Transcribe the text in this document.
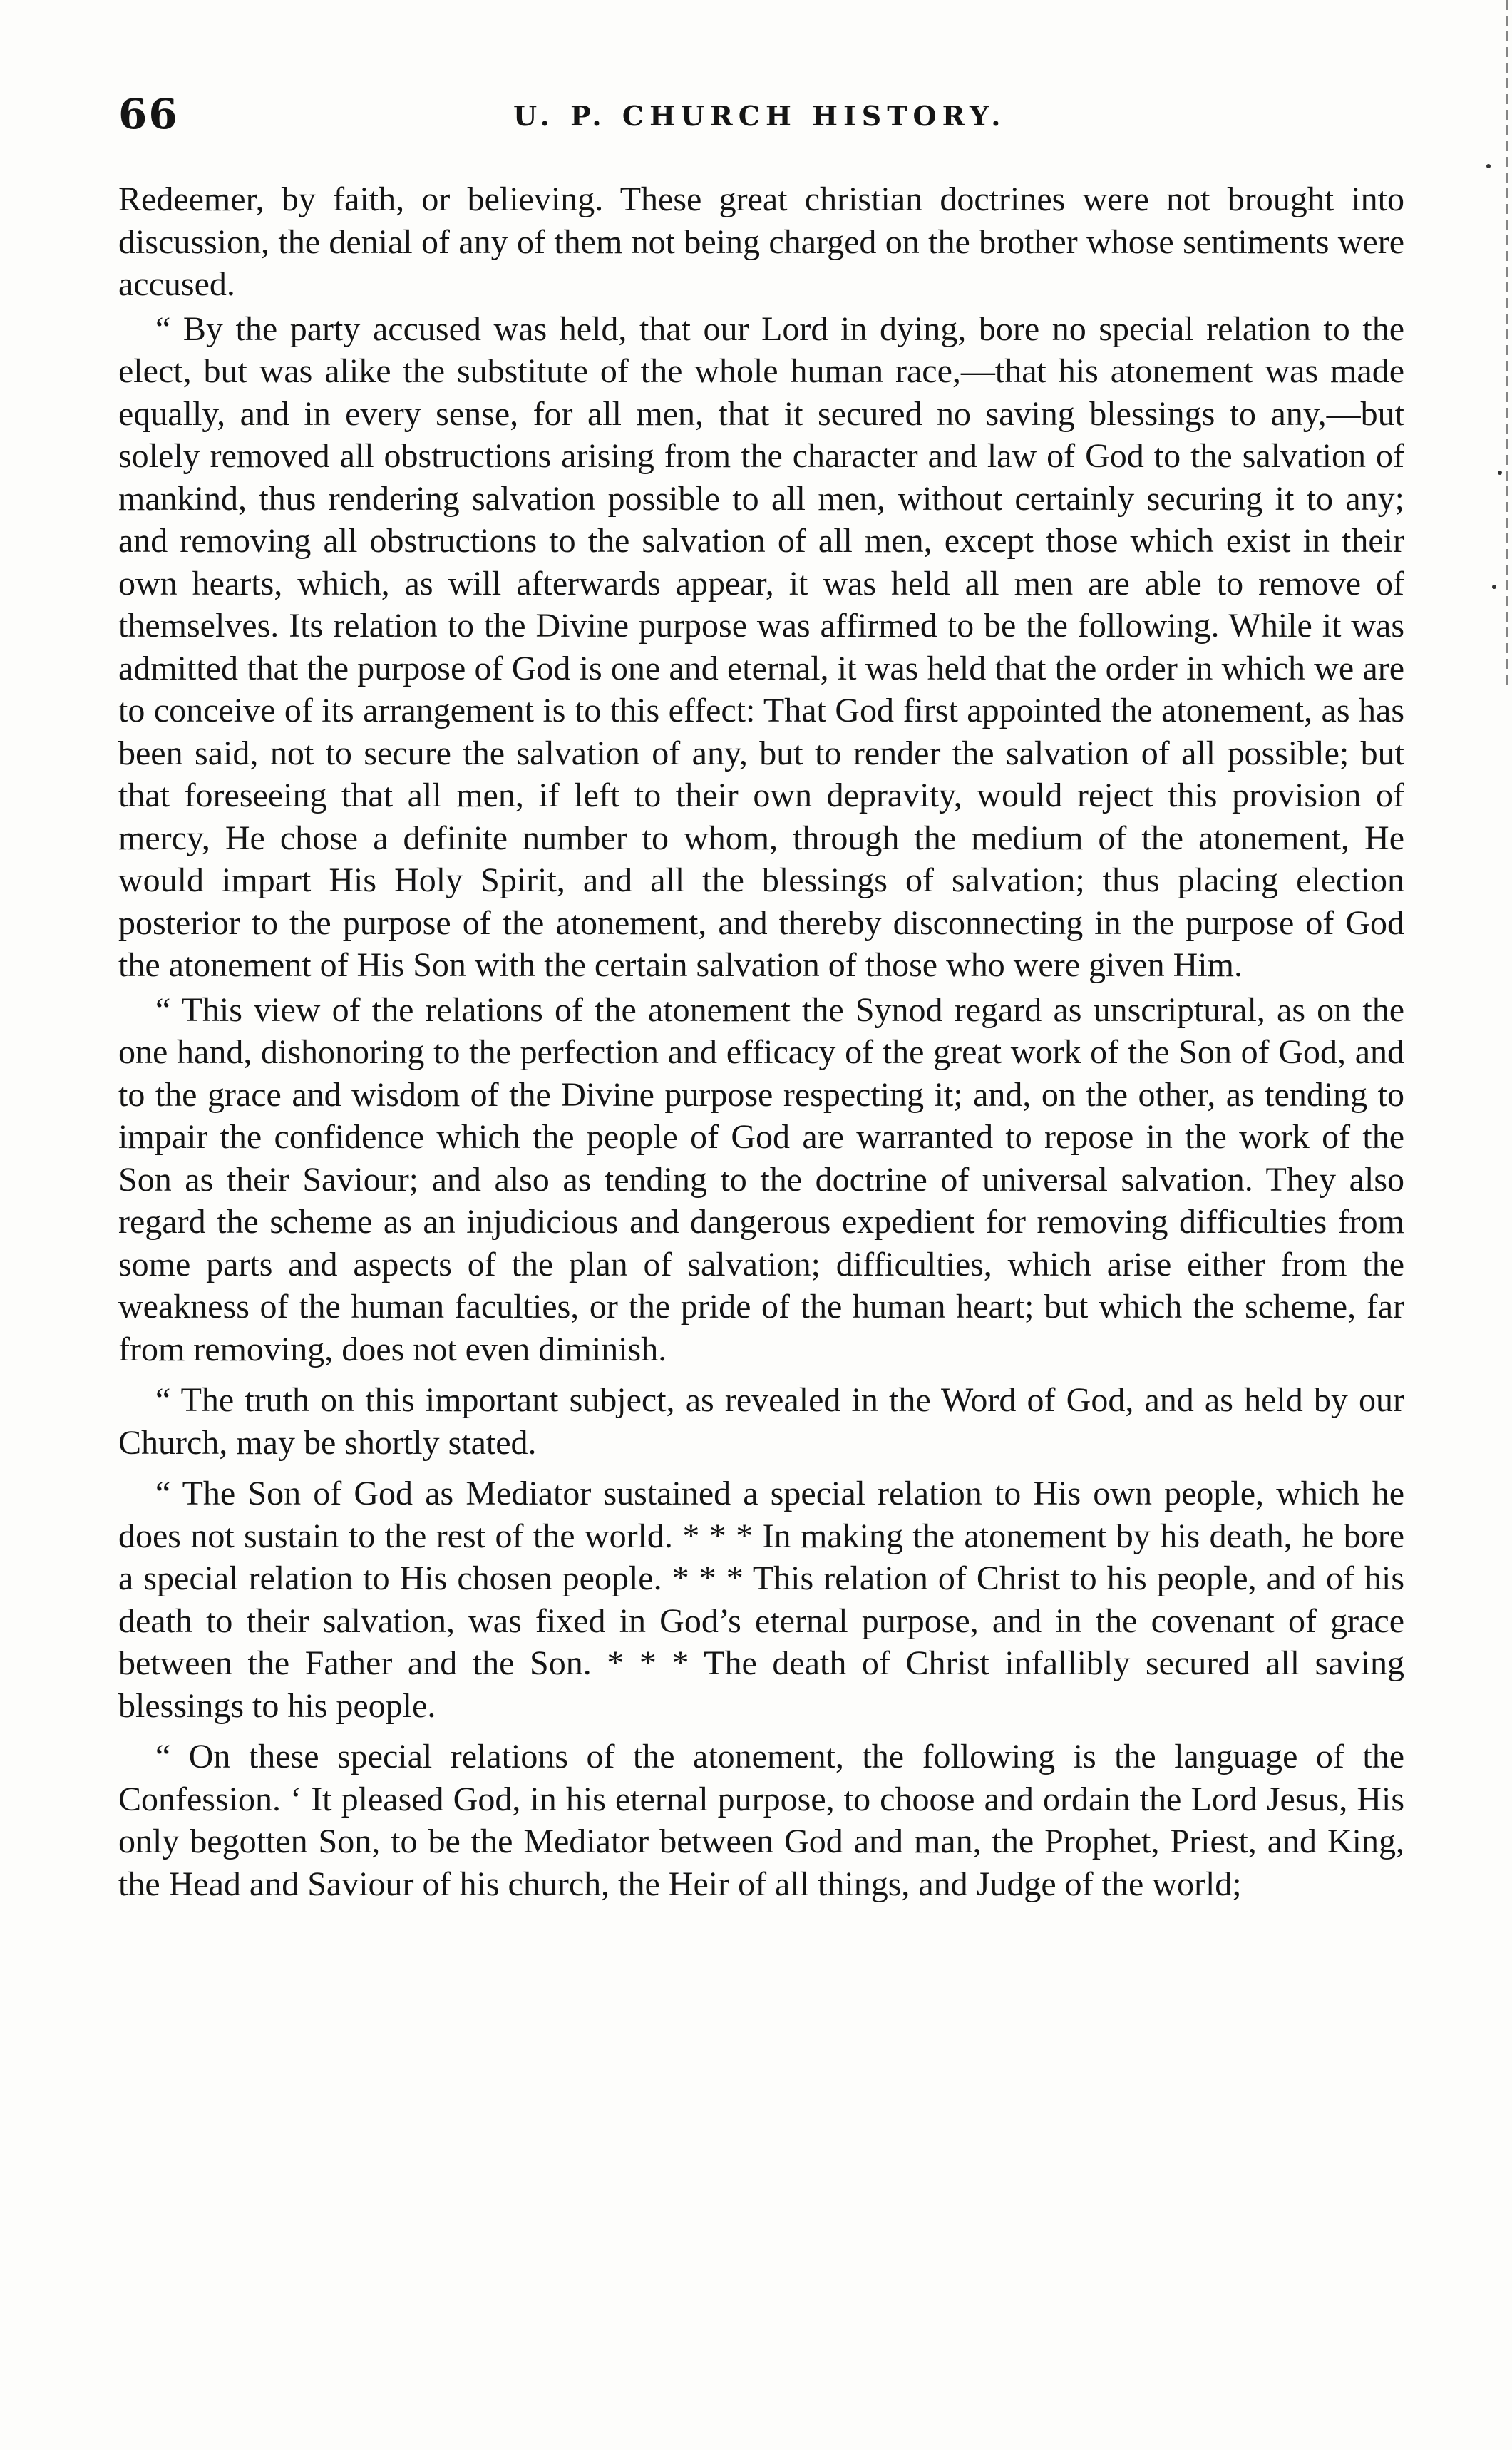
66	U. P. CHURCH HISTORY.

Redeemer, by faith, or believing. These great christian doctrines were not brought into discussion, the denial of any of them not being charged on the brother whose sentiments were accused.

“ By the party accused was held, that our Lord in dying, bore no special relation to the elect, but was alike the substitute of the whole human race,—that his atonement was made equally, and in every sense, for all men, that it secured no saving blessings to any,—but solely removed all obstructions arising from the character and law of God to the salvation of mankind, thus rendering salvation possible to all men, without certainly securing it to any; and removing all obstructions to the salvation of all men, except those which exist in their own hearts, which, as will afterwards appear, it was held all men are able to remove of themselves. Its relation to the Divine purpose was affirmed to be the following. While it was admitted that the purpose of God is one and eternal, it was held that the order in which we are to conceive of its arrangement is to this effect: That God first appointed the atonement, as has been said, not to secure the salvation of any, but to render the salvation of all possible; but that foreseeing that all men, if left to their own depravity, would reject this provision of mercy, He chose a definite number to whom, through the medium of the atonement, He would impart His Holy Spirit, and all the blessings of salvation; thus placing election posterior to the purpose of the atonement, and thereby disconnecting in the purpose of God the atonement of His Son with the certain salvation of those who were given Him.

“ This view of the relations of the atonement the Synod regard as unscriptural, as on the one hand, dishonoring to the perfection and efficacy of the great work of the Son of God, and to the grace and wisdom of the Divine purpose respecting it; and, on the other, as tending to impair the confidence which the people of God are warranted to repose in the work of the Son as their Saviour; and also as tending to the doctrine of universal salvation. They also regard the scheme as an injudicious and dangerous expedient for removing difficulties from some parts and aspects of the plan of salvation; difficulties, which arise either from the weakness of the human faculties, or the pride of the human heart; but which the scheme, far from removing, does not even diminish.

“ The truth on this important subject, as revealed in the Word of God, and as held by our Church, may be shortly stated.

“ The Son of God as Mediator sustained a special relation to His own people, which he does not sustain to the rest of the world. * * * In making the atonement by his death, he bore a special relation to His chosen people. * * * This relation of Christ to his people, and of his death to their salvation, was fixed in God’s eternal purpose, and in the covenant of grace between the Father and the Son. * * * The death of Christ infallibly secured all saving blessings to his people.

“ On these special relations of the atonement, the following is the language of the Confession. ‘ It pleased God, in his eternal purpose, to choose and ordain the Lord Jesus, His only begotten Son, to be the Mediator between God and man, the Prophet, Priest, and King, the Head and Saviour of his church, the Heir of all things, and Judge of the world;
